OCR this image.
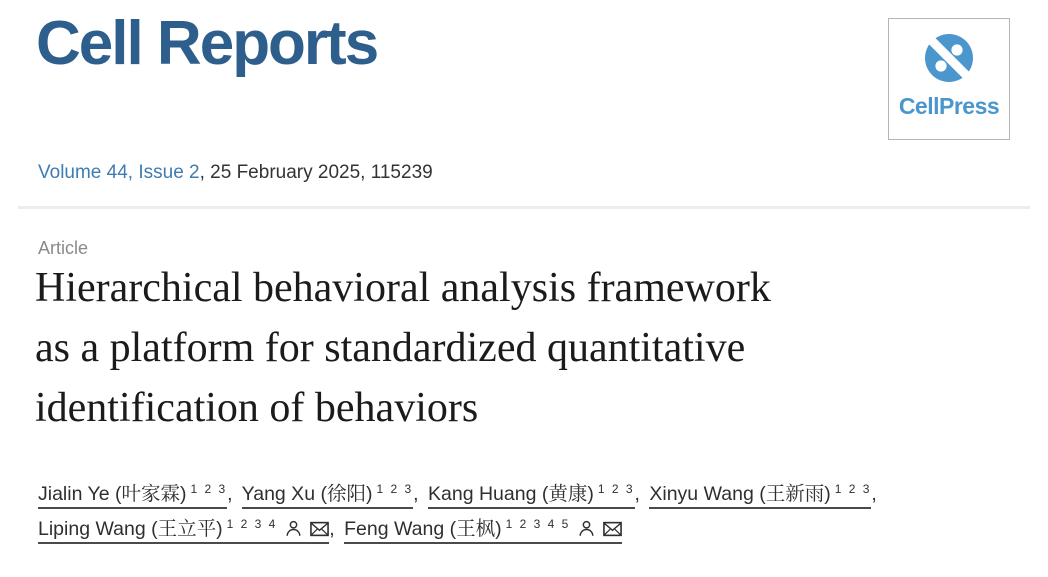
Cell Reports
CellPress
Volume 44, Issue 2, 25 February 2025, 115239
Article
Hierarchical behavioral analysis framework
as a platform for standardized quantitative
identification of behaviors
Jialin Ye (叶家霖) $^{1 2 3}$, Yang Xu (徐阳) $^{1 2 3}$, Kang Huang (黄康) $^{1 2 3}$, Xinyu Wang (王新雨) $^{1 2 3}$,
Liping Wang (王立平) $^{1 2 3 4}$	, Feng Wang (王枫) $^{1 2 3 4 5}$
